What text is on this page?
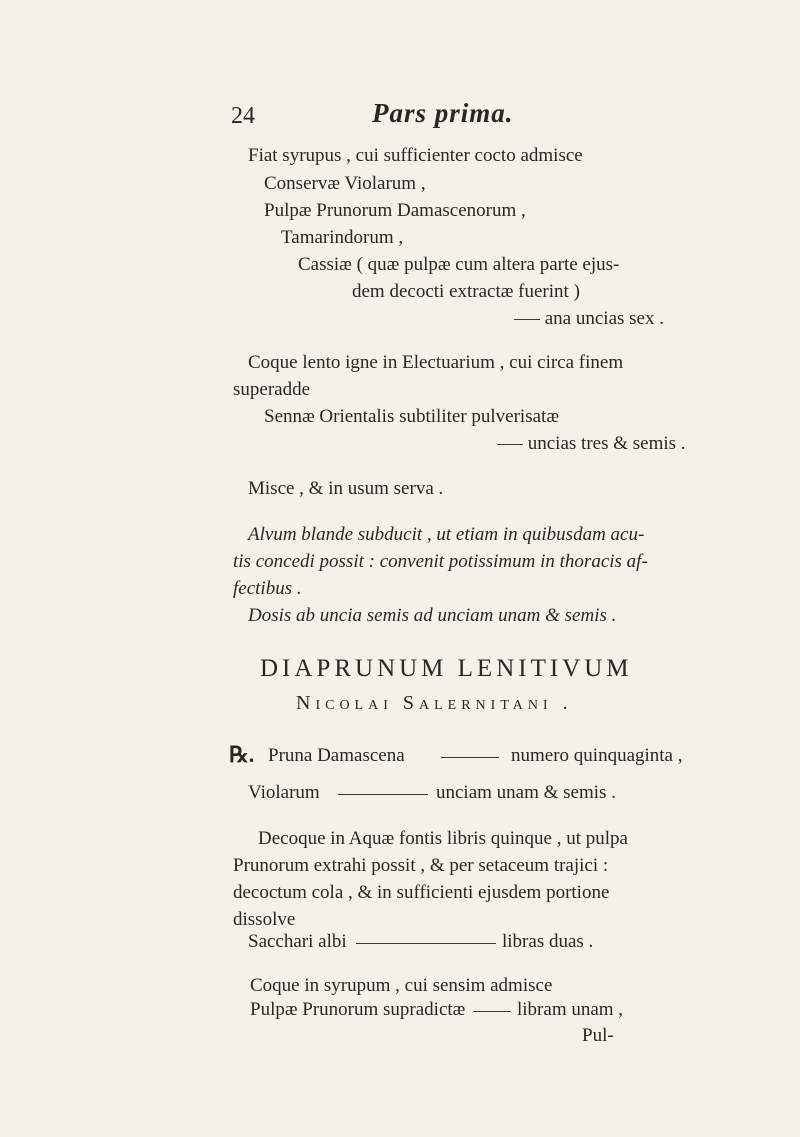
24	Pars prima.
Fiat syrupus , cui sufficienter cocto admisce
Conservæ Violarum ,
Pulpæ Prunorum Damascenorum ,
Tamarindorum ,
Cassiæ ( quæ pulpæ cum altera parte ejus-
dem decocti extractæ fuerint )
ana uncias sex .
Coque lento igne in Electuarium , cui circa finem
superadde
Sennæ Orientalis subtiliter pulverisatæ
uncias tres & semis .
Misce , & in usum serva .
Alvum blande subducit , ut etiam in quibusdam acu-
tis concedi possit : convenit potissimum in thoracis af-
fectibus .
Dosis ab uncia semis ad unciam unam & semis .
DIAPRUNUM LENITIVUM
Nicolai Salernitani .
℞. Pruna Damascena	numero quinquaginta ,
Violarum	unciam unam & semis .
Decoque in Aquæ fontis libris quinque , ut pulpa
Prunorum extrahi possit , & per setaceum trajici :
decoctum cola , & in sufficienti ejusdem portione
dissolve
Sacchari albi	libras duas .
Coque in syrupum , cui sensim admisce
Pulpæ Prunorum supradictæ	libram unam ,
Pul-
